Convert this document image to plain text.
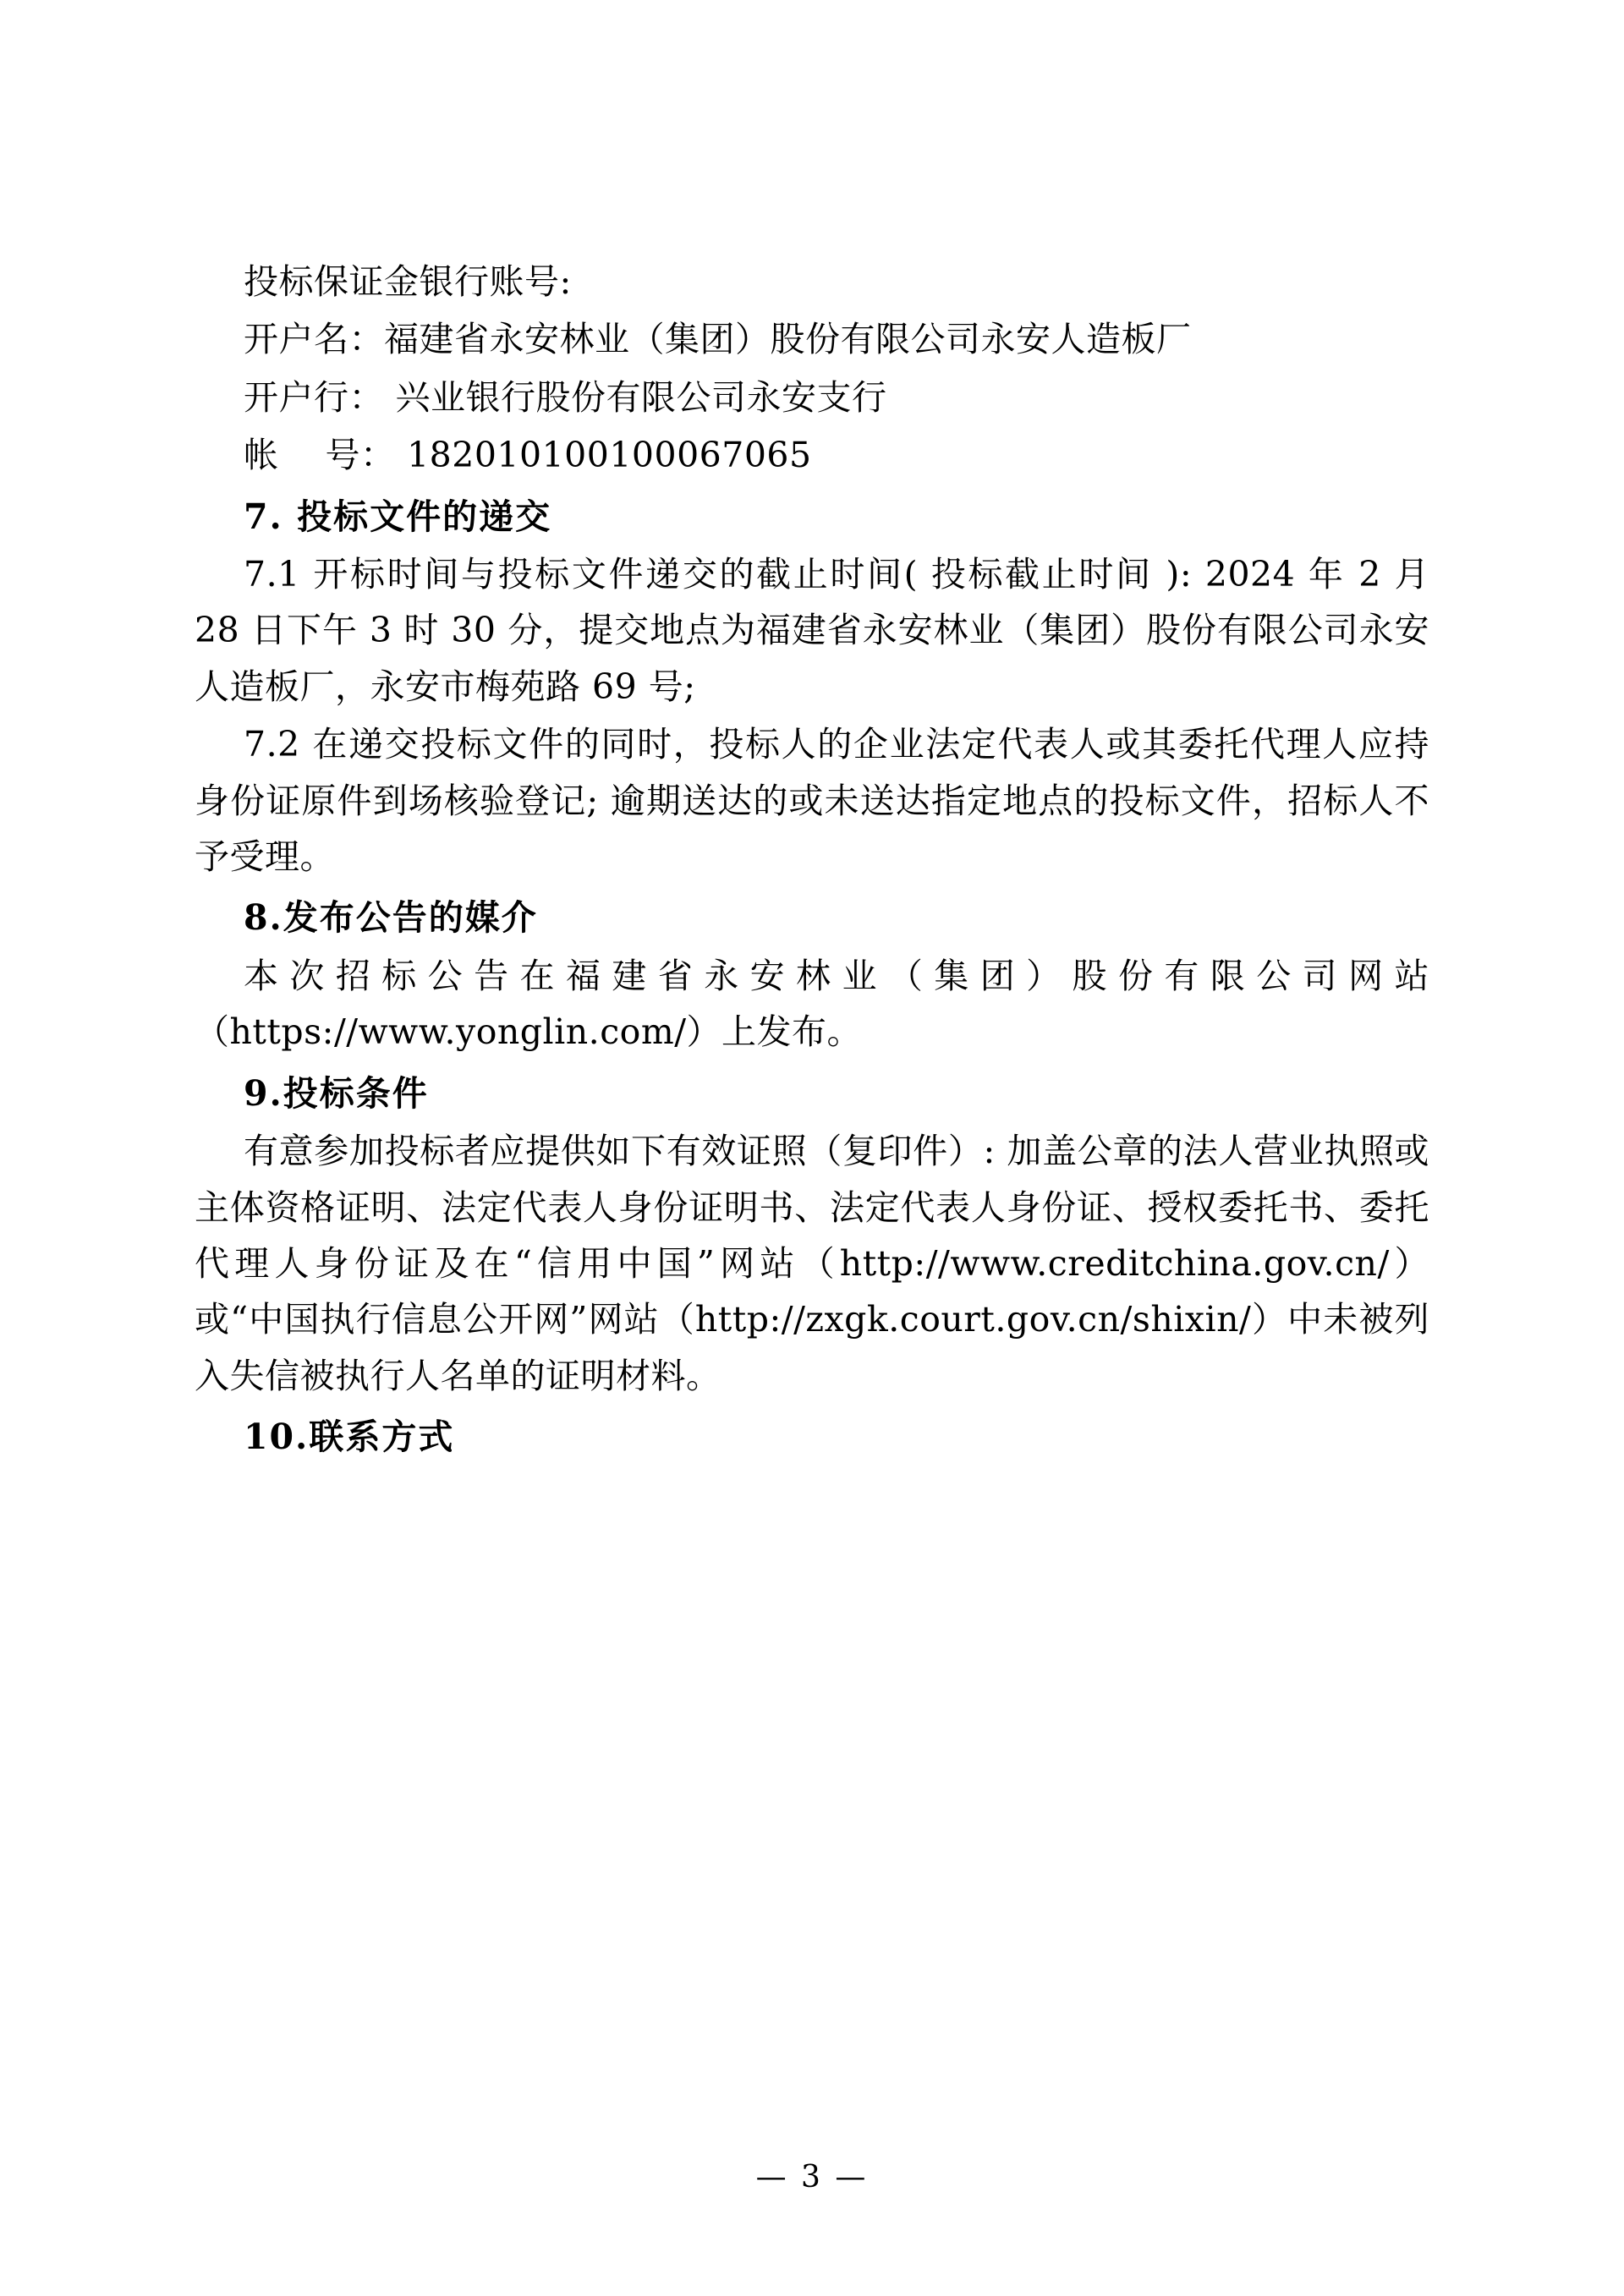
投标保证金银行账号:

开户名：福建省永安林业（集团）股份有限公司永安人造板厂

开户行： 兴业银行股份有限公司永安支行

帐　 号： 182010100100067065

7. 投标文件的递交

7.1 开标时间与投标文件递交的截止时间( 投标截止时间 ): 2024 年 2 月 28 日下午 3 时 30 分，提交地点为福建省永安林业（集团）股份有限公司永安人造板厂，永安市梅苑路 69 号;

7.2 在递交投标文件的同时，投标人的企业法定代表人或其委托代理人应持身份证原件到场核验登记; 逾期送达的或未送达指定地点的投标文件，招标人不予受理。

8.发布公告的媒介

本次招标公告在福建省永安林业（集团）股份有限公司网站（https://www.yonglin.com/）上发布。

9.投标条件

有意参加投标者应提供如下有效证照（复印件）: 加盖公章的法人营业执照或主体资格证明、法定代表人身份证明书、法定代表人身份证、授权委托书、委托代理人身份证及在“信用中国”网站（http://www.creditchina.gov.cn/）或“中国执行信息公开网”网站（http://zxgk.court.gov.cn/shixin/）中未被列入失信被执行人名单的证明材料。

10.联系方式

— 3 —
